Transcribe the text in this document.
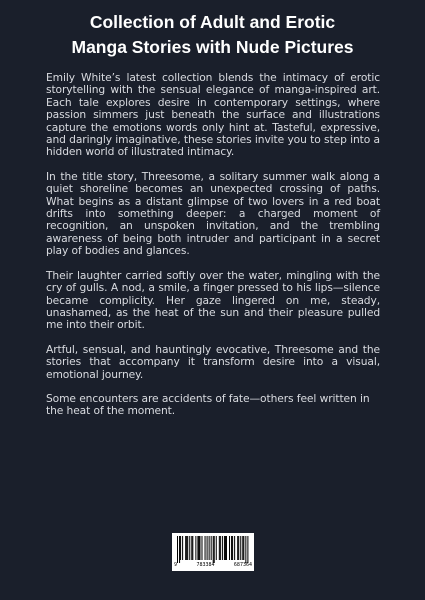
Collection of Adult and Erotic
Manga Stories with Nude Pictures

Emily White’s latest collection blends the intimacy of erotic storytelling with the sensual elegance of manga-inspired art. Each tale explores desire in contemporary settings, where passion simmers just beneath the surface and illustrations capture the emotions words only hint at. Tasteful, expressive, and daringly imaginative, these stories invite you to step into a hidden world of illustrated intimacy.

In the title story, Threesome, a solitary summer walk along a quiet shoreline becomes an unexpected crossing of paths. What begins as a distant glimpse of two lovers in a red boat drifts into something deeper: a charged moment of recognition, an unspoken invitation, and the trembling awareness of being both intruder and participant in a secret play of bodies and glances.

Their laughter carried softly over the water, mingling with the cry of gulls. A nod, a smile, a finger pressed to his lips—silence became complicity. Her gaze lingered on me, steady, unashamed, as the heat of the sun and their pleasure pulled me into their orbit.

Artful, sensual, and hauntingly evocative, Threesome and the stories that accompany it transform desire into a visual, emotional journey.

Some encounters are accidents of fate—others feel written in the heat of the moment.

9	783384	687364
